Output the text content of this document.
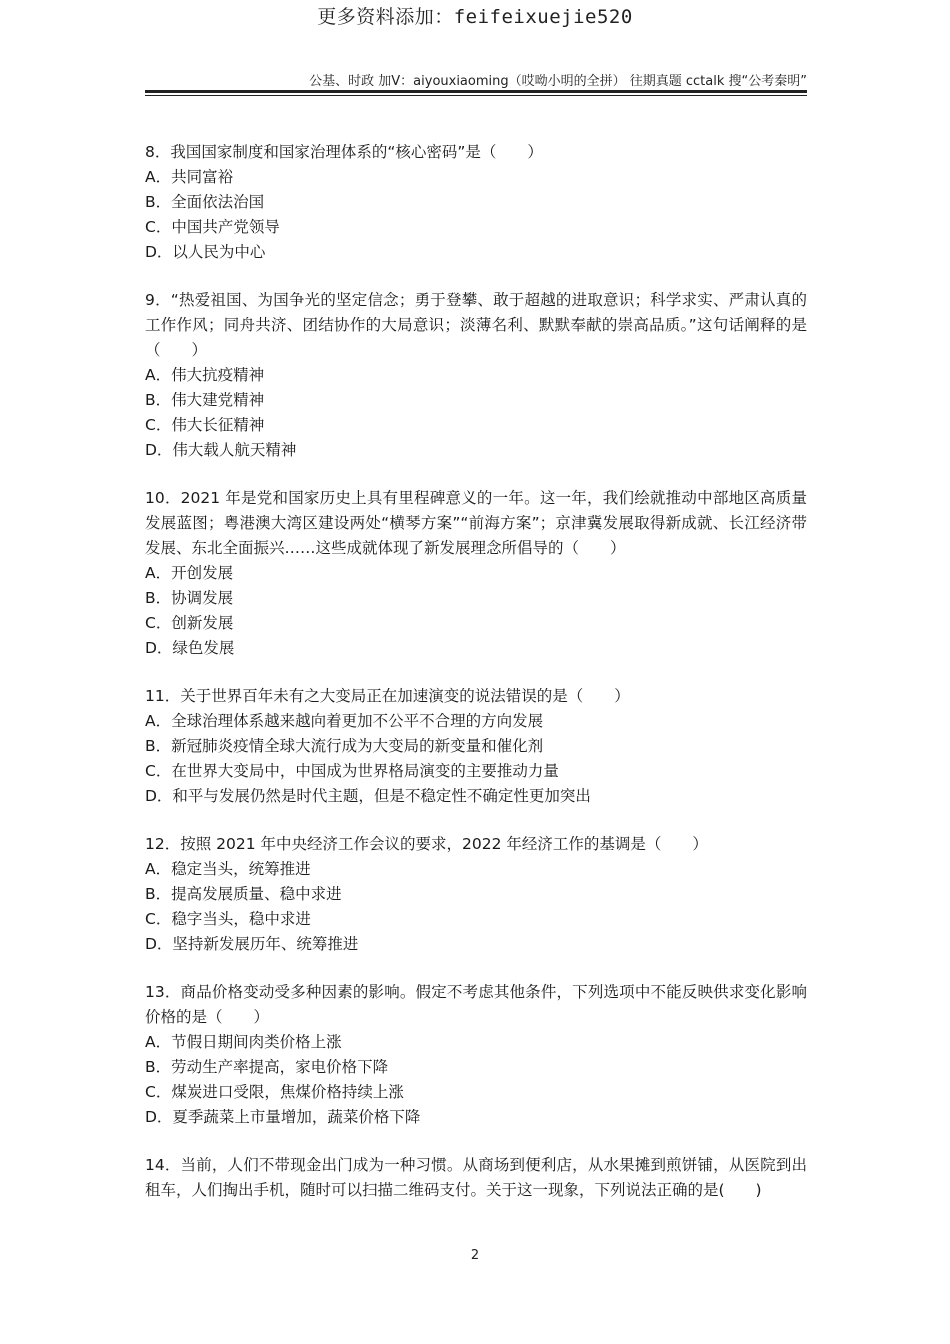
更多资料添加：feifeixuejie520
公基、时政 加V：aiyouxiaoming（哎呦小明的全拼） 往期真题 cctalk 搜“公考秦明”

8．我国国家制度和国家治理体系的“核心密码”是（　　）

A．共同富裕

B．全面依法治国

C．中国共产党领导

D．以人民为中心

9．“热爱祖国、为国争光的坚定信念；勇于登攀、敢于超越的进取意识；科学求实、严肃认真的工作作风；同舟共济、团结协作的大局意识；淡薄名利、默默奉献的崇高品质。”这句话阐释的是（　　）

A．伟大抗疫精神

B．伟大建党精神

C．伟大长征精神

D．伟大载人航天精神

10．2021 年是党和国家历史上具有里程碑意义的一年。这一年，我们绘就推动中部地区高质量发展蓝图；粤港澳大湾区建设两处“横琴方案”“前海方案”；京津冀发展取得新成就、长江经济带发展、东北全面振兴……这些成就体现了新发展理念所倡导的（　　）

A．开创发展

B．协调发展

C．创新发展

D．绿色发展

11．关于世界百年未有之大变局正在加速演变的说法错误的是（　　）

A．全球治理体系越来越向着更加不公平不合理的方向发展

B．新冠肺炎疫情全球大流行成为大变局的新变量和催化剂

C．在世界大变局中，中国成为世界格局演变的主要推动力量

D．和平与发展仍然是时代主题，但是不稳定性不确定性更加突出

12．按照 2021 年中央经济工作会议的要求，2022 年经济工作的基调是（　　）

A．稳定当头，统筹推进

B．提高发展质量、稳中求进

C．稳字当头，稳中求进

D．坚持新发展历年、统筹推进

13．商品价格变动受多种因素的影响。假定不考虑其他条件，下列选项中不能反映供求变化影响价格的是（　　）

A．节假日期间肉类价格上涨

B．劳动生产率提高，家电价格下降

C．煤炭进口受限，焦煤价格持续上涨

D．夏季蔬菜上市量增加，蔬菜价格下降

14．当前，人们不带现金出门成为一种习惯。从商场到便利店，从水果摊到煎饼铺，从医院到出租车，人们掏出手机，随时可以扫描二维码支付。关于这一现象，下列说法正确的是(　　)

2
